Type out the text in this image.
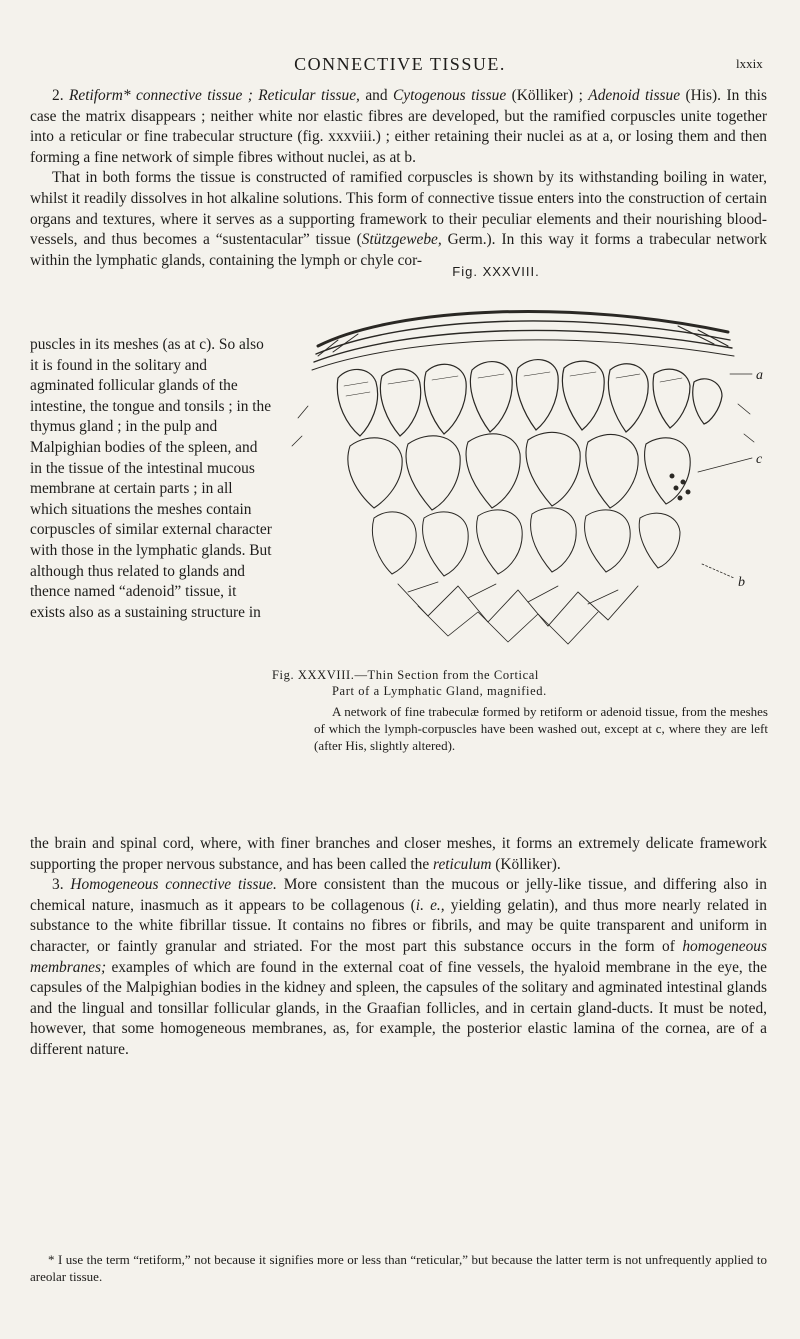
CONNECTIVE TISSUE.	lxxix

2. Retiform* connective tissue ; Reticular tissue, and Cytogenous tissue (Kölliker) ; Adenoid tissue (His). In this case the matrix disappears ; neither white nor elastic fibres are developed, but the ramified corpuscles unite together into a reticular or fine trabecular structure (fig. xxxviii.) ; either retaining their nuclei as at a, or losing them and then forming a fine network of simple fibres without nuclei, as at b.

That in both forms the tissue is constructed of ramified corpuscles is shown by its withstanding boiling in water, whilst it readily dissolves in hot alkaline solutions. This form of connective tissue enters into the construction of certain organs and textures, where it serves as a supporting framework to their peculiar elements and their nourishing blood-vessels, and thus becomes a “sustentacular” tissue (Stützgewebe, Germ.). In this way it forms a trabecular network within the lymphatic glands, containing the lymph or chyle cor-

puscles in its meshes (as at c). So also it is found in the solitary and agminated follicular glands of the intestine, the tongue and tonsils ; in the thymus gland ; in the pulp and Malpighian bodies of the spleen, and in the tissue of the intestinal mucous membrane at certain parts ; in all which situations the meshes contain corpuscles of similar external character with those in the lymphatic glands. But although thus related to glands and thence named “adenoid” tissue, it exists also as a sustaining structure in
Fig. XXXVIII.
a
c
b
Fig. XXXVIII.—Thin Section from the Cortical
Part of a Lymphatic Gland, magnified.
A network of fine trabeculæ formed by retiform or adenoid tissue, from the meshes of which the lymph-corpuscles have been washed out, except at c, where they are left (after His, slightly altered).

the brain and spinal cord, where, with finer branches and closer meshes, it forms an extremely delicate framework supporting the proper nervous substance, and has been called the reticulum (Kölliker).

3. Homogeneous connective tissue. More consistent than the mucous or jelly-like tissue, and differing also in chemical nature, inasmuch as it appears to be collagenous (i. e., yielding gelatin), and thus more nearly related in substance to the white fibrillar tissue. It contains no fibres or fibrils, and may be quite transparent and uniform in character, or faintly granular and striated. For the most part this substance occurs in the form of homogeneous membranes; examples of which are found in the external coat of fine vessels, the hyaloid membrane in the eye, the capsules of the Malpighian bodies in the kidney and spleen, the capsules of the solitary and agminated intestinal glands and the lingual and tonsillar follicular glands, in the Graafian follicles, and in certain gland-ducts. It must be noted, however, that some homogeneous membranes, as, for example, the posterior elastic lamina of the cornea, are of a different nature.

* I use the term “retiform,” not because it signifies more or less than “reticular,” but because the latter term is not unfrequently applied to areolar tissue.
